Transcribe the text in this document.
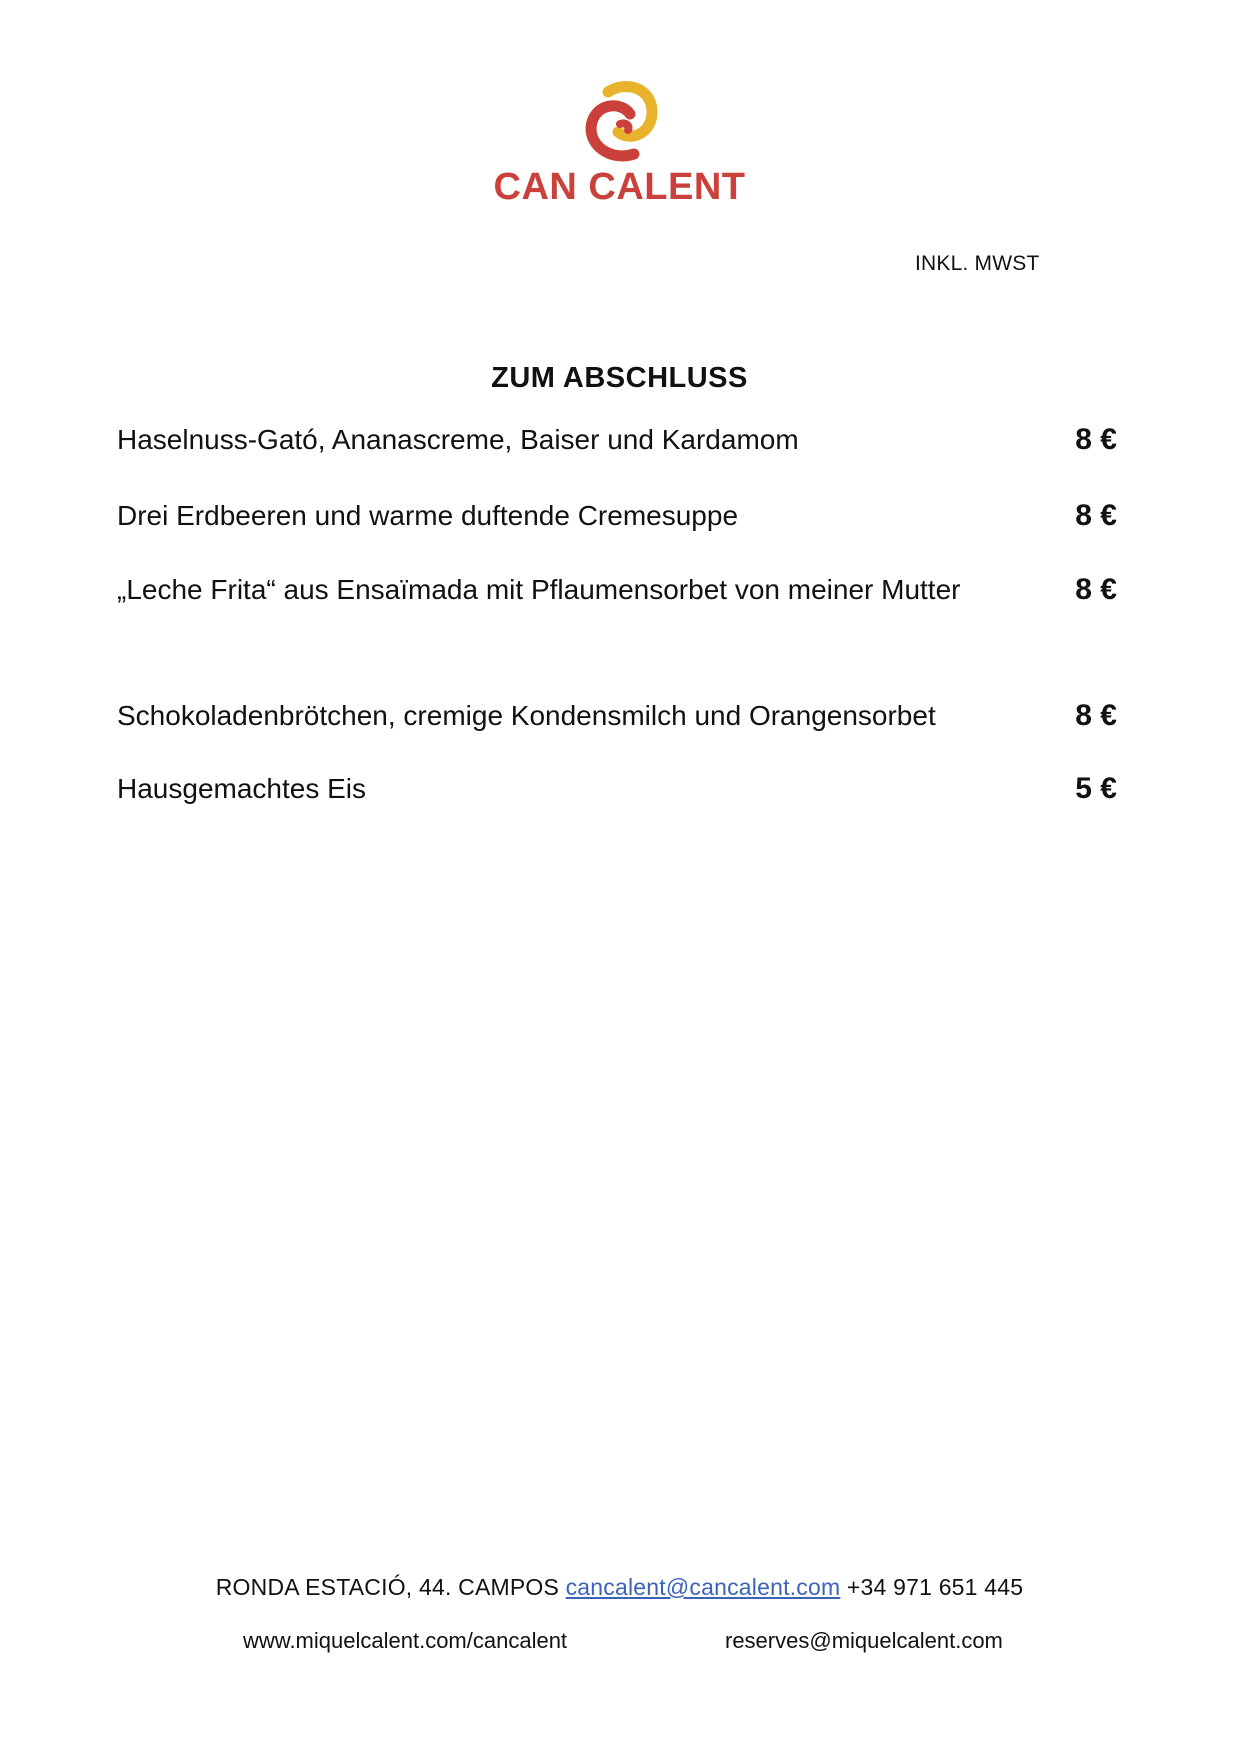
CAN CALENT
INKL. MWST
ZUM ABSCHLUSS
Haselnuss-Gató, Ananascreme, Baiser und Kardamom	8 €
Drei Erdbeeren und warme duftende Cremesuppe	8 €
„Leche Frita“ aus Ensaïmada mit Pflaumensorbet von meiner Mutter	8 €
Schokoladenbrötchen, cremige Kondensmilch und Orangensorbet	8 €
Hausgemachtes Eis	5 €
RONDA ESTACIÓ, 44. CAMPOS cancalent@cancalent.com +34 971 651 445
www.miquelcalent.com/cancalent	reserves@miquelcalent.com
